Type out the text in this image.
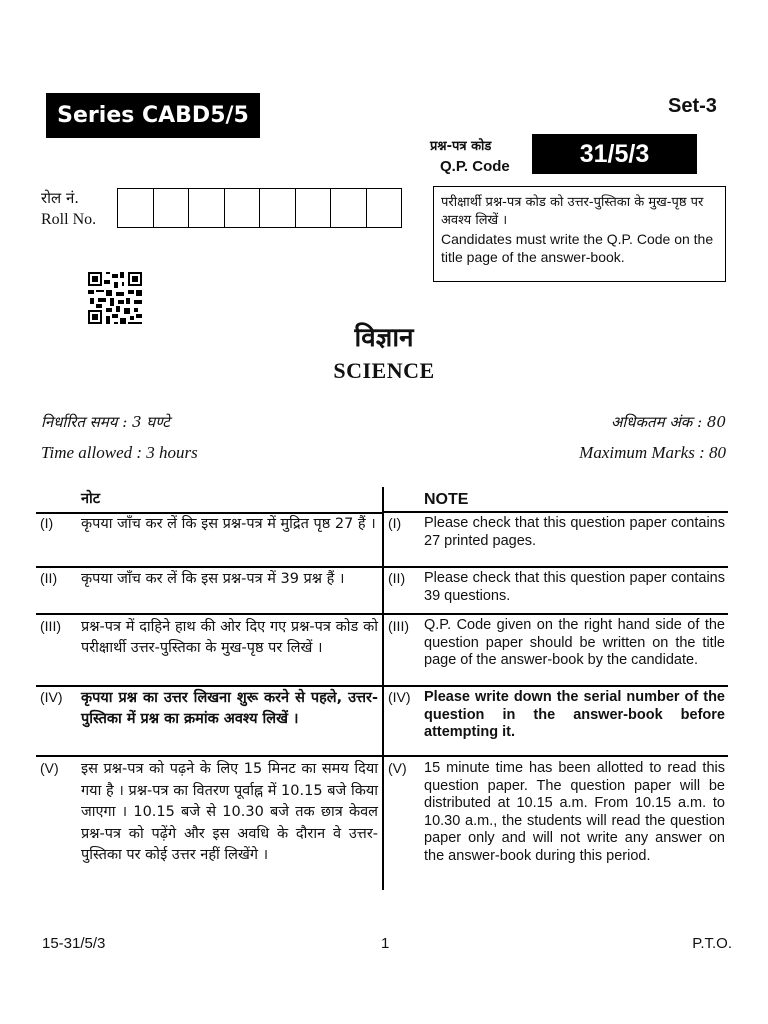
Series CABD5/5	Set-3
प्रश्न-पत्र कोड
Q.P. Code	31/5/3
रोल नं.
Roll No.
परीक्षार्थी प्रश्न-पत्र कोड को उत्तर-पुस्तिका के मुख-पृष्ठ पर अवश्य लिखें ।
Candidates must write the Q.P. Code on the title page of the answer-book.
विज्ञान
SCIENCE
निर्धारित समय : 3 घण्टे	अधिकतम अंक : 80
Time allowed : 3 hours	Maximum Marks : 80
नोट	NOTE
(I) कृपया जाँच कर लें कि इस प्रश्न-पत्र में मुद्रित पृष्ठ 27 हैं । (I) Please check that this question paper contains 27 printed pages.
(II) कृपया जाँच कर लें कि इस प्रश्न-पत्र में 39 प्रश्न हैं ।	(II) Please check that this question paper contains 39 questions.
(III) प्रश्न-पत्र में दाहिने हाथ की ओर दिए गए प्रश्न-पत्र कोड को परीक्षार्थी उत्तर-पुस्तिका के मुख-पृष्ठ पर लिखें ।
(III) Q.P. Code given on the right hand side of the question paper should be written on the title page of the answer-book by the candidate.
(IV) कृपया प्रश्न का उत्तर लिखना शुरू करने से पहले, उत्तर-पुस्तिका में प्रश्न का क्रमांक अवश्य लिखें ।
(IV) Please write down the serial number of the question in the answer-book before attempting it.
(V) इस प्रश्न-पत्र को पढ़ने के लिए 15 मिनट का समय दिया गया है । प्रश्न-पत्र का वितरण पूर्वाह्न में 10.15 बजे किया जाएगा । 10.15 बजे से 10.30 बजे तक छात्र केवल प्रश्न-पत्र को पढ़ेंगे और इस अवधि के दौरान वे उत्तर-पुस्तिका पर कोई उत्तर नहीं लिखेंगे ।
(V) 15 minute time has been allotted to read this question paper. The question paper will be distributed at 10.15 a.m. From 10.15 a.m. to 10.30 a.m., the students will read the question paper only and will not write any answer on the answer-book during this period.
15-31/5/3	1	P.T.O.
